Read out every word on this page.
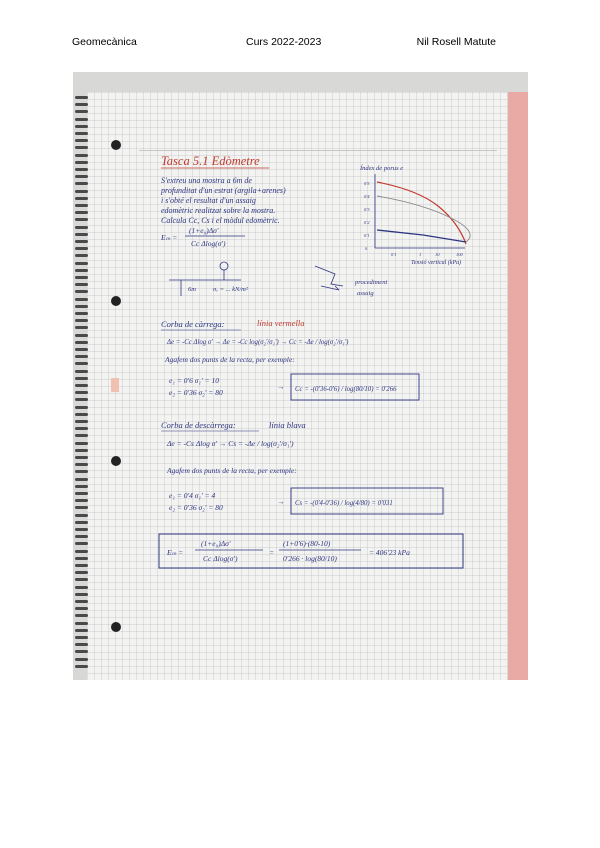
Geomecànica	Curs 2022-2023	Nil Rosell Matute
Tasca 5.1 Edòmetre
S'extreu una mostra a 6m de
profunditat d'un estrat (argila+arenes)
i s'obté el resultat d'un assaig
edomètric realitzat sobre la mostra.
Calcula Cc, Cs i el mòdul edomètric.
Eₘ =
(1+e₀)Δσ'
Cc Δlog(σ')
Índex de porus e
0'5
0'4
0'3
0'2
0'1
0
0'1	1	10	100
Tensió vertical (kPa)
6m	σᵥ = ... kN/m²
procediment
assaig
Corba de càrrega:	línia vermella
Δe = -Cc Δlog σ' → Δe = -Cc log(σ₂'/σ₁') → Cc = -Δe / log(σ₂'/σ₁')
Agafem dos punts de la recta, per exemple:
e₁ = 0'6 σ₁' = 10
e₂ = 0'36 σ₂' = 80
→ Cc = -(0'36-0'6) / log(80/10) = 0'266
Corba de descàrrega:	línia blava
Δe = -Cs Δlog σ' → Cs = -Δe / log(σ₂'/σ₁')
Agafem dos punts de la recta, per exemple:
e₁ = 0'4 σ₁' = 4
e₂ = 0'36 σ₂' = 80
→ Cs = -(0'4-0'36) / log(4/80) = 0'031
Eₘ =
(1+e₀)Δσ'
Cc Δlog(σ')
=
(1+0'6)·(80-10)
0'266 · log(80/10)
= 406'23 kPa
